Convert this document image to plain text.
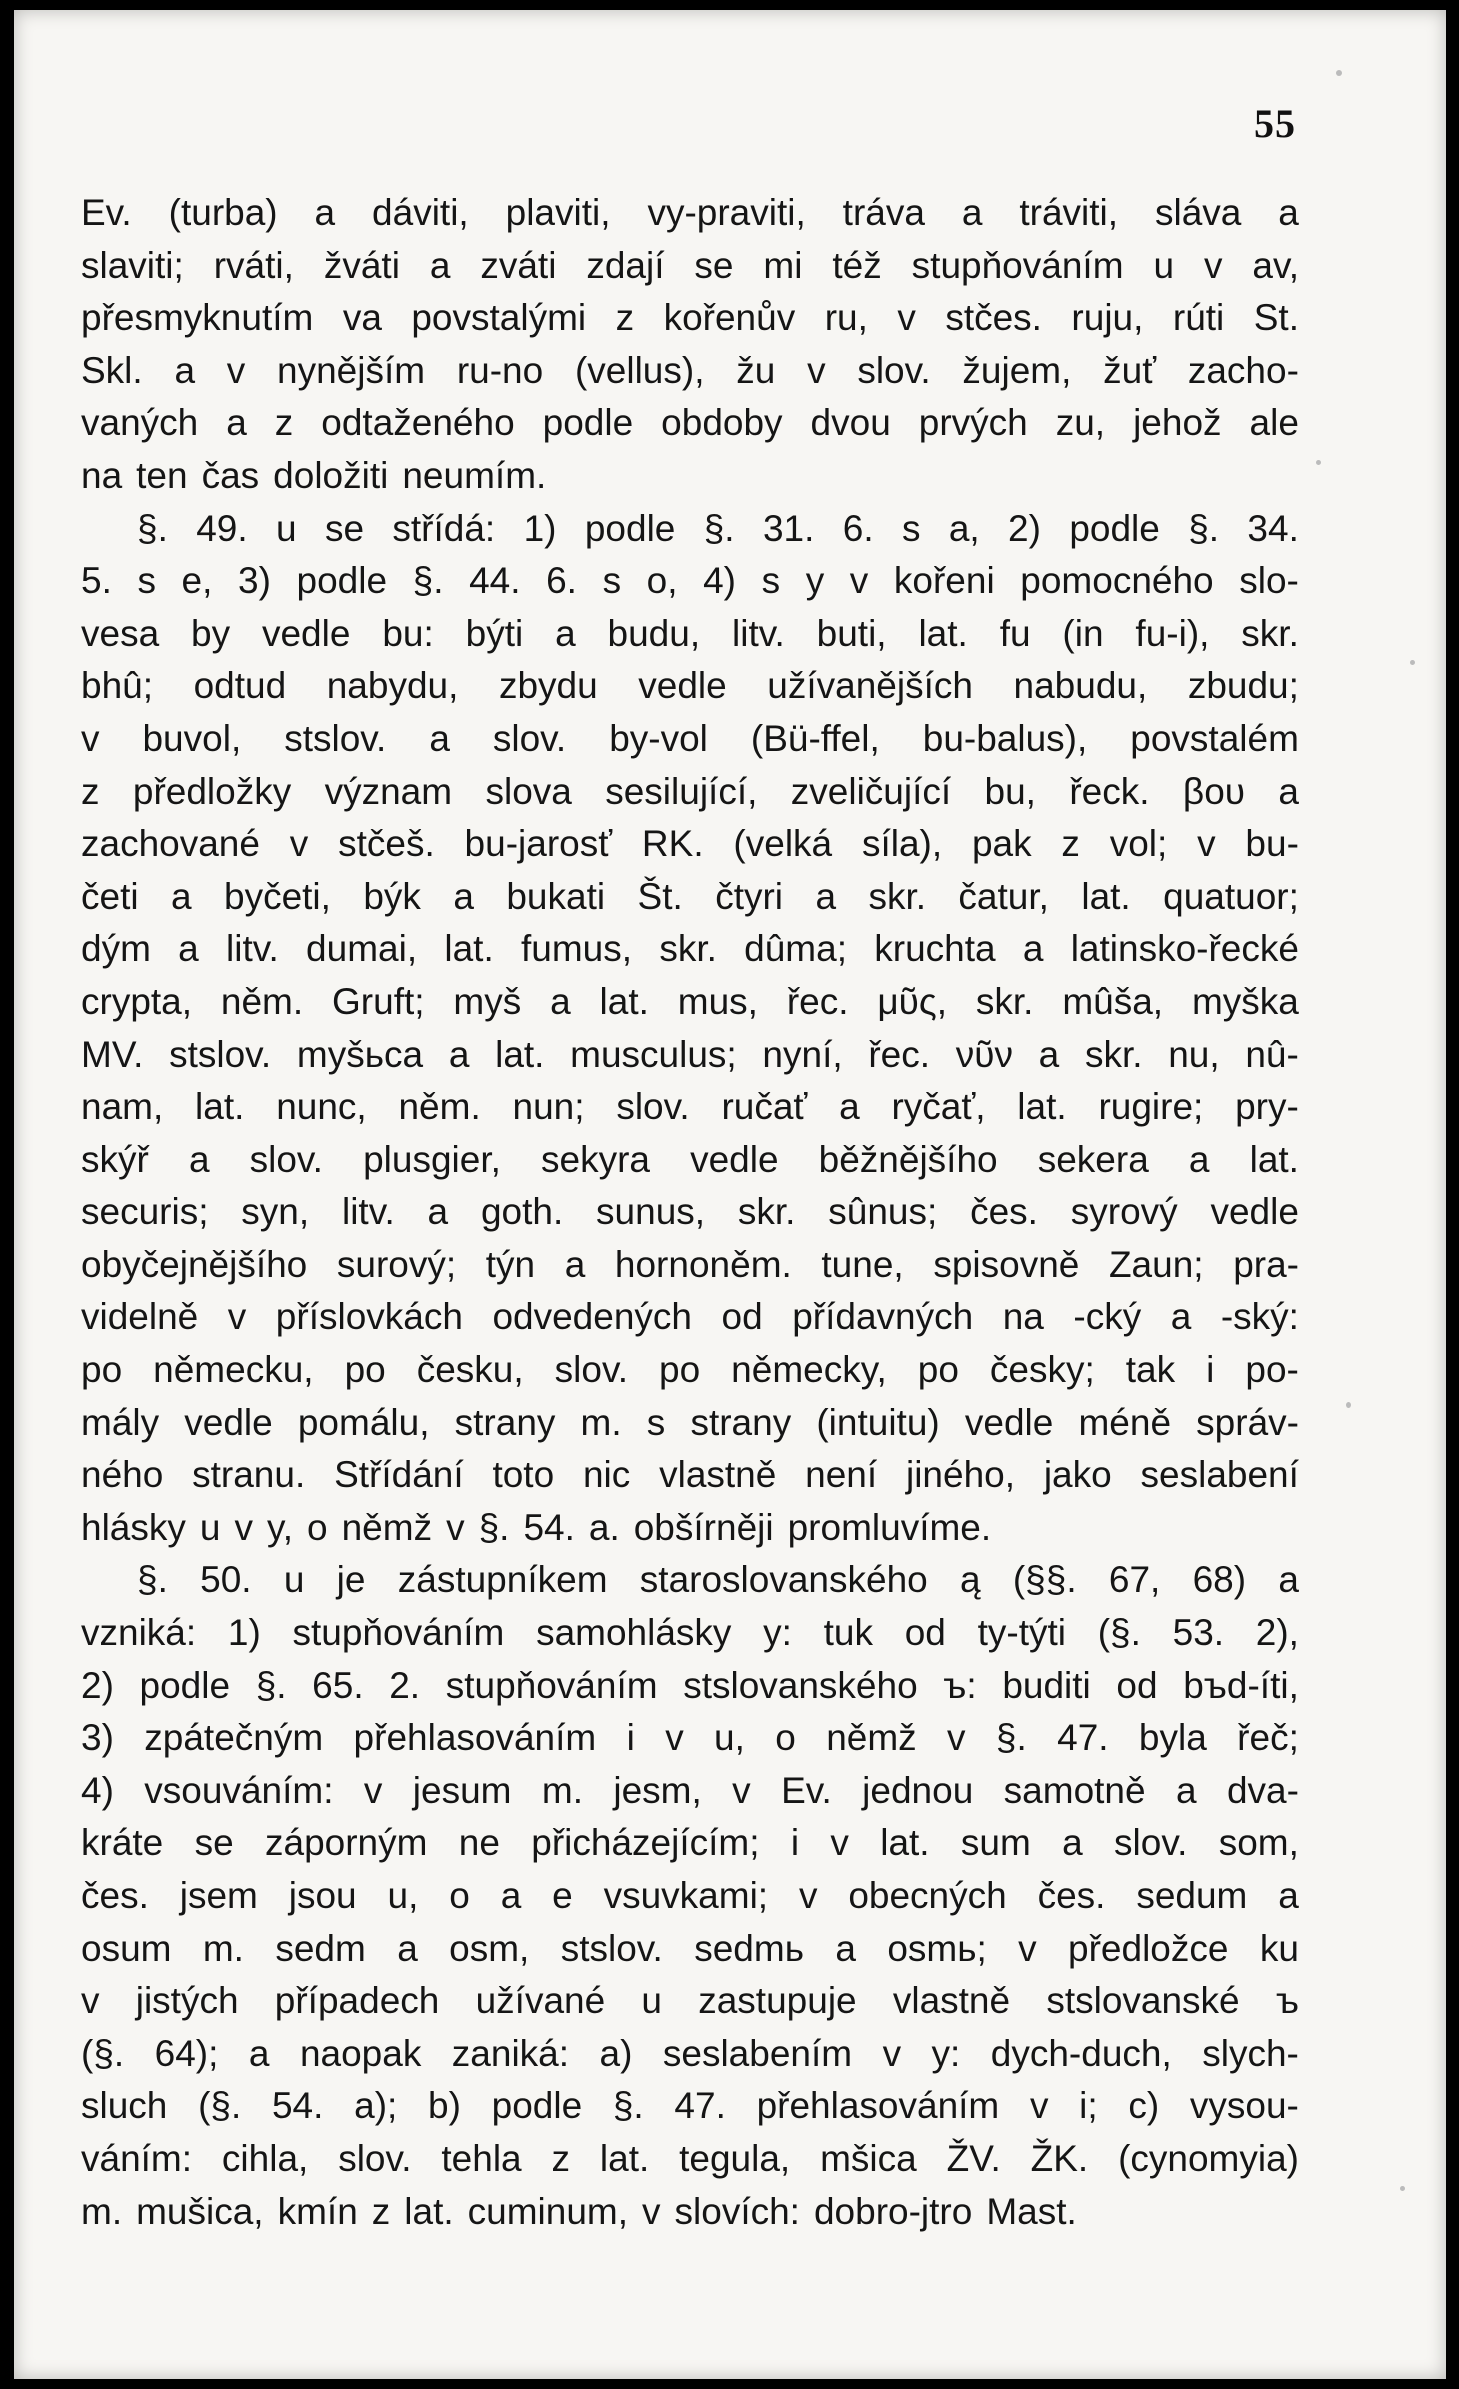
55
Ev. (turba) a dáviti, plaviti, vy-praviti, tráva a tráviti, sláva a
slaviti; rváti, žváti a zváti zdají se mi též stupňováním u v av,
přesmyknutím va povstalými z kořenův ru, v stčes. ruju, rúti St.
Skl. a v nynějším ru-no (vellus), žu v slov. žujem, žuť zacho-
vaných a z odtaženého podle obdoby dvou prvých zu, jehož ale
na ten čas doložiti neumím.
§. 49. u se střídá: 1) podle §. 31. 6. s a, 2) podle §. 34.
5. s e, 3) podle §. 44. 6. s o, 4) s y v kořeni pomocného slo-
vesa by vedle bu: býti a budu, litv. buti, lat. fu (in fu-i), skr.
bhû; odtud nabydu, zbydu vedle užívanějších nabudu, zbudu;
v buvol, stslov. a slov. by-vol (Bü-ffel, bu-balus), povstalém
z předložky význam slova sesilující, zveličující bu, řeck. βου a
zachované v stčeš. bu-jarosť RK. (velká síla), pak z vol; v bu-
četi a byčeti, býk a bukati Št. čtyri a skr. čatur, lat. quatuor;
dým a litv. dumai, lat. fumus, skr. dûma; kruchta a latinsko-řecké
crypta, něm. Gruft; myš a lat. mus, řec. μῦς, skr. mûša, myška
MV. stslov. myšьca a lat. musculus; nyní, řec. νῦν a skr. nu, nû-
nam, lat. nunc, něm. nun; slov. ručať a ryčať, lat. rugire; pry-
skýř a slov. plusgier, sekyra vedle běžnějšího sekera a lat.
securis; syn, litv. a goth. sunus, skr. sûnus; čes. syrový vedle
obyčejnějšího surový; týn a hornoněm. tune, spisovně Zaun; pra-
videlně v příslovkách odvedených od přídavných na -cký a -ský:
po německu, po česku, slov. po německy, po česky; tak i po-
mály vedle pomálu, strany m. s strany (intuitu) vedle méně správ-
ného stranu. Střídání toto nic vlastně není jiného, jako seslabení
hlásky u v y, o němž v §. 54. a. obšírněji promluvíme.
§. 50. u je zástupníkem staroslovanského ą (§§. 67, 68) a
vzniká: 1) stupňováním samohlásky y: tuk od ty-týti (§. 53. 2),
2) podle §. 65. 2. stupňováním stslovanského ъ: buditi od bъd-íti,
3) zpátečným přehlasováním i v u, o němž v §. 47. byla řeč;
4) vsouváním: v jesum m. jesm, v Ev. jednou samotně a dva-
kráte se záporným ne přicházejícím; i v lat. sum a slov. som,
čes. jsem jsou u, o a e vsuvkami; v obecných čes. sedum a
osum m. sedm a osm, stslov. sedmь a osmь; v předložce ku
v jistých případech užívané u zastupuje vlastně stslovanské ъ
(§. 64); a naopak zaniká: a) seslabením v y: dych-duch, slych-
sluch (§. 54. a); b) podle §. 47. přehlasováním v i; c) vysou-
váním: cihla, slov. tehla z lat. tegula, mšica ŽV. ŽK. (cynomyia)
m. mušica, kmín z lat. cuminum, v slovích: dobro-jtro Mast.
